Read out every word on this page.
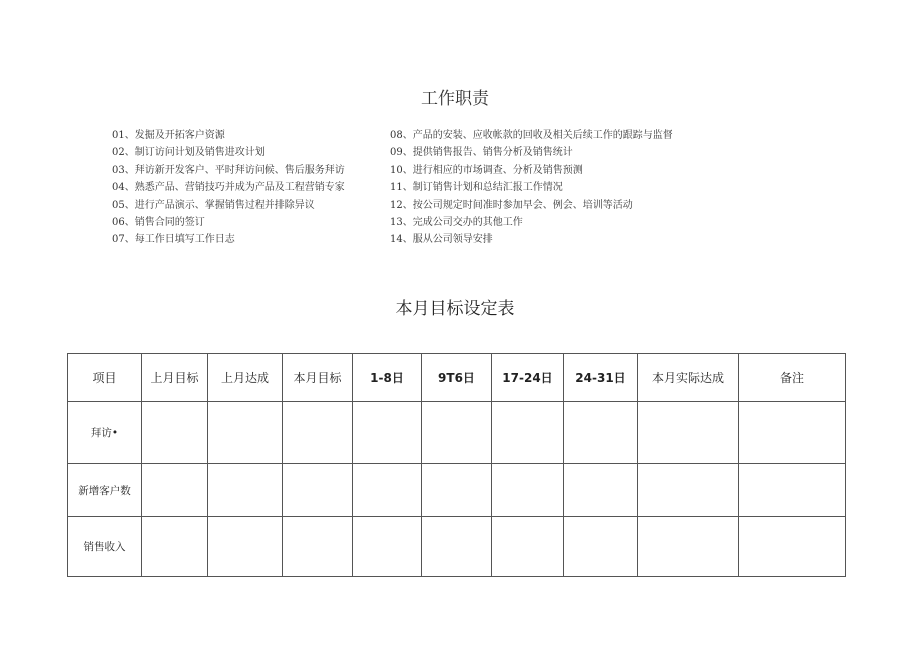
工作职责
01、发掘及开拓客户资源
02、制订访问计划及销售进攻计划
03、拜访新开发客户、平时拜访问候、售后服务拜访
04、熟悉产品、营销技巧并成为产品及工程营销专家
05、进行产品演示、掌握销售过程并排除异议
06、销售合同的签订
07、每工作日填写工作日志
08、产品的安装、应收帐款的回收及相关后续工作的跟踪与监督
09、提供销售报告、销售分析及销售统计
10、进行相应的市场调查、分析及销售预测
11、制订销售计划和总结汇报工作情况
12、按公司规定时间准时参加早会、例会、培训等活动
13、完成公司交办的其他工作
14、服从公司领导安排
本月目标设定表
项目	上月目标	上月达成	本月目标	1-8日	9T6日	17-24日	24-31日	本月实际达成	备注
拜访•									
新增客户数									
销售收入									
